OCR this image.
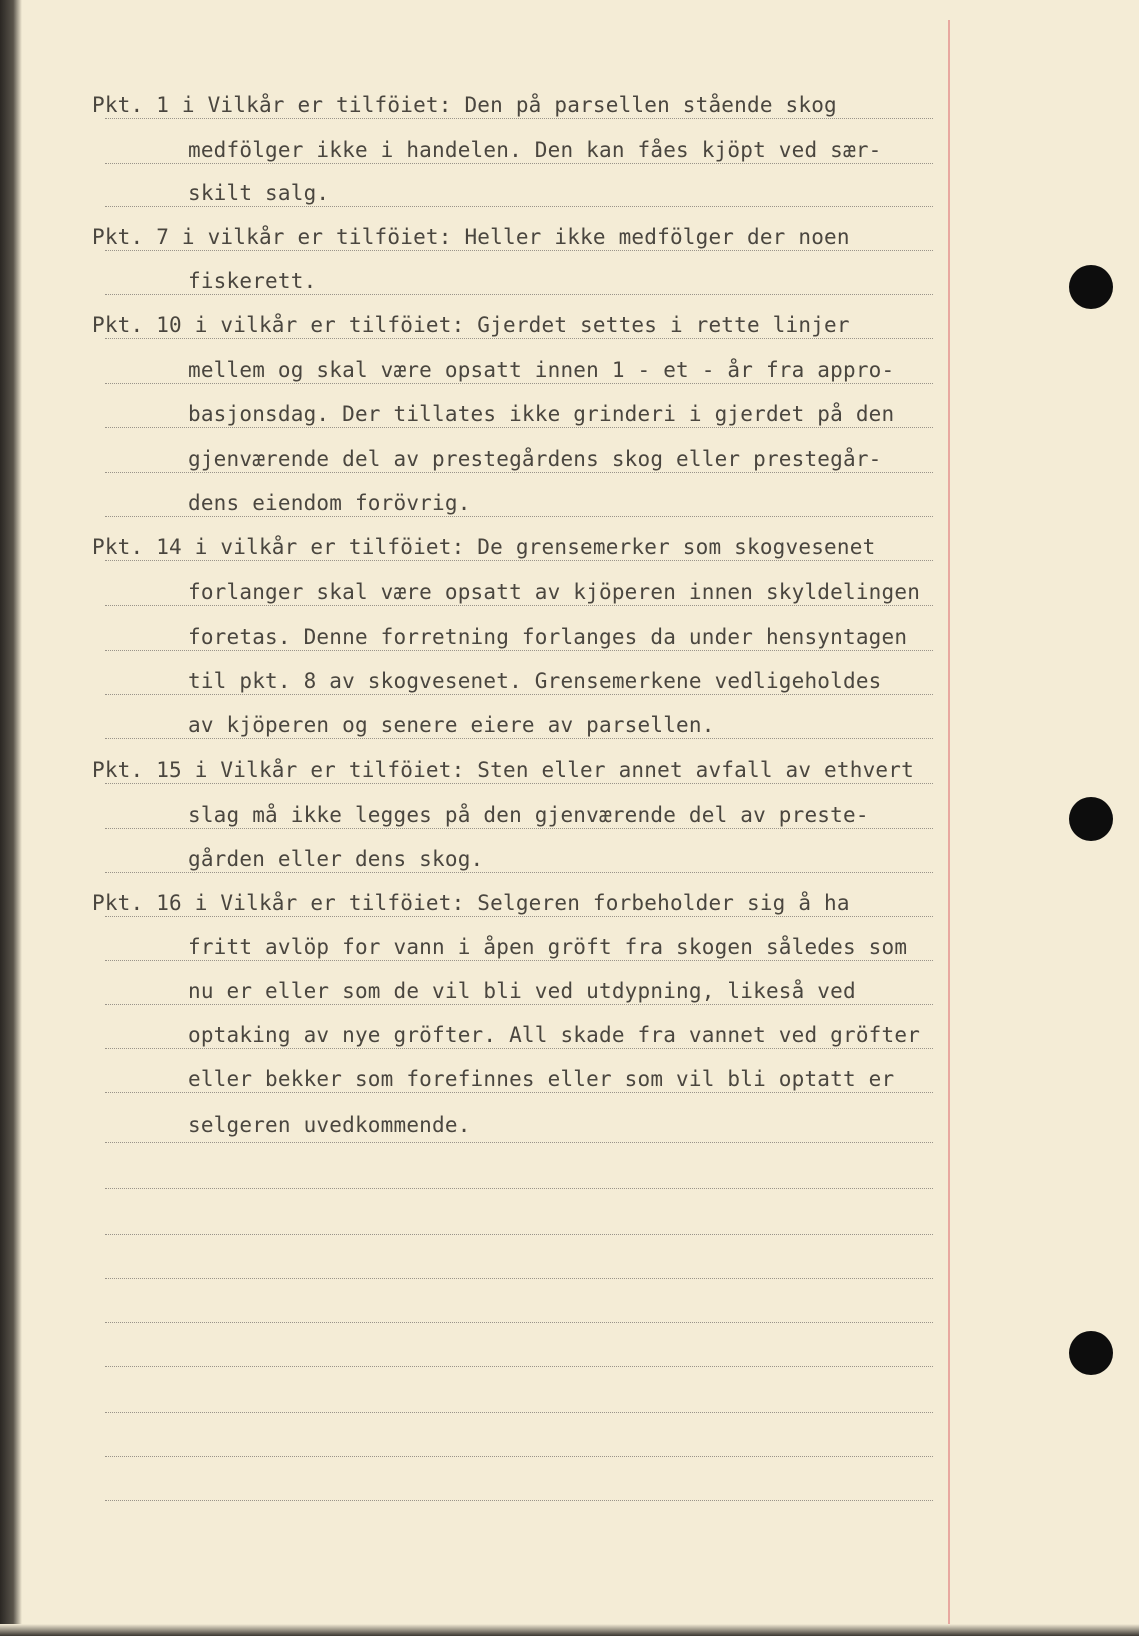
Pkt. 1 i Vilkår er tilföiet: Den på parsellen stående skog
medfölger ikke i handelen. Den kan fåes kjöpt ved sær-
skilt salg.
Pkt. 7 i vilkår er tilföiet: Heller ikke medfölger der noen
fiskerett.
Pkt. 10 i vilkår er tilföiet: Gjerdet settes i rette linjer
mellem og skal være opsatt innen 1 - et - år fra appro-
basjonsdag. Der tillates ikke grinderi i gjerdet på den
gjenværende del av prestegårdens skog eller prestegår-
dens eiendom forövrig.
Pkt. 14 i vilkår er tilföiet: De grensemerker som skogvesenet
forlanger skal være opsatt av kjöperen innen skyldelingen
foretas. Denne forretning forlanges da under hensyntagen
til pkt. 8 av skogvesenet. Grensemerkene vedligeholdes
av kjöperen og senere eiere av parsellen.
Pkt. 15 i Vilkår er tilföiet: Sten eller annet avfall av ethvert
slag må ikke legges på den gjenværende del av preste-
gården eller dens skog.
Pkt. 16 i Vilkår er tilföiet: Selgeren forbeholder sig å ha
fritt avlöp for vann i åpen gröft fra skogen således som
nu er eller som de vil bli ved utdypning, likeså ved
optaking av nye gröfter. All skade fra vannet ved gröfter
eller bekker som forefinnes eller som vil bli optatt er
selgeren uvedkommende.
